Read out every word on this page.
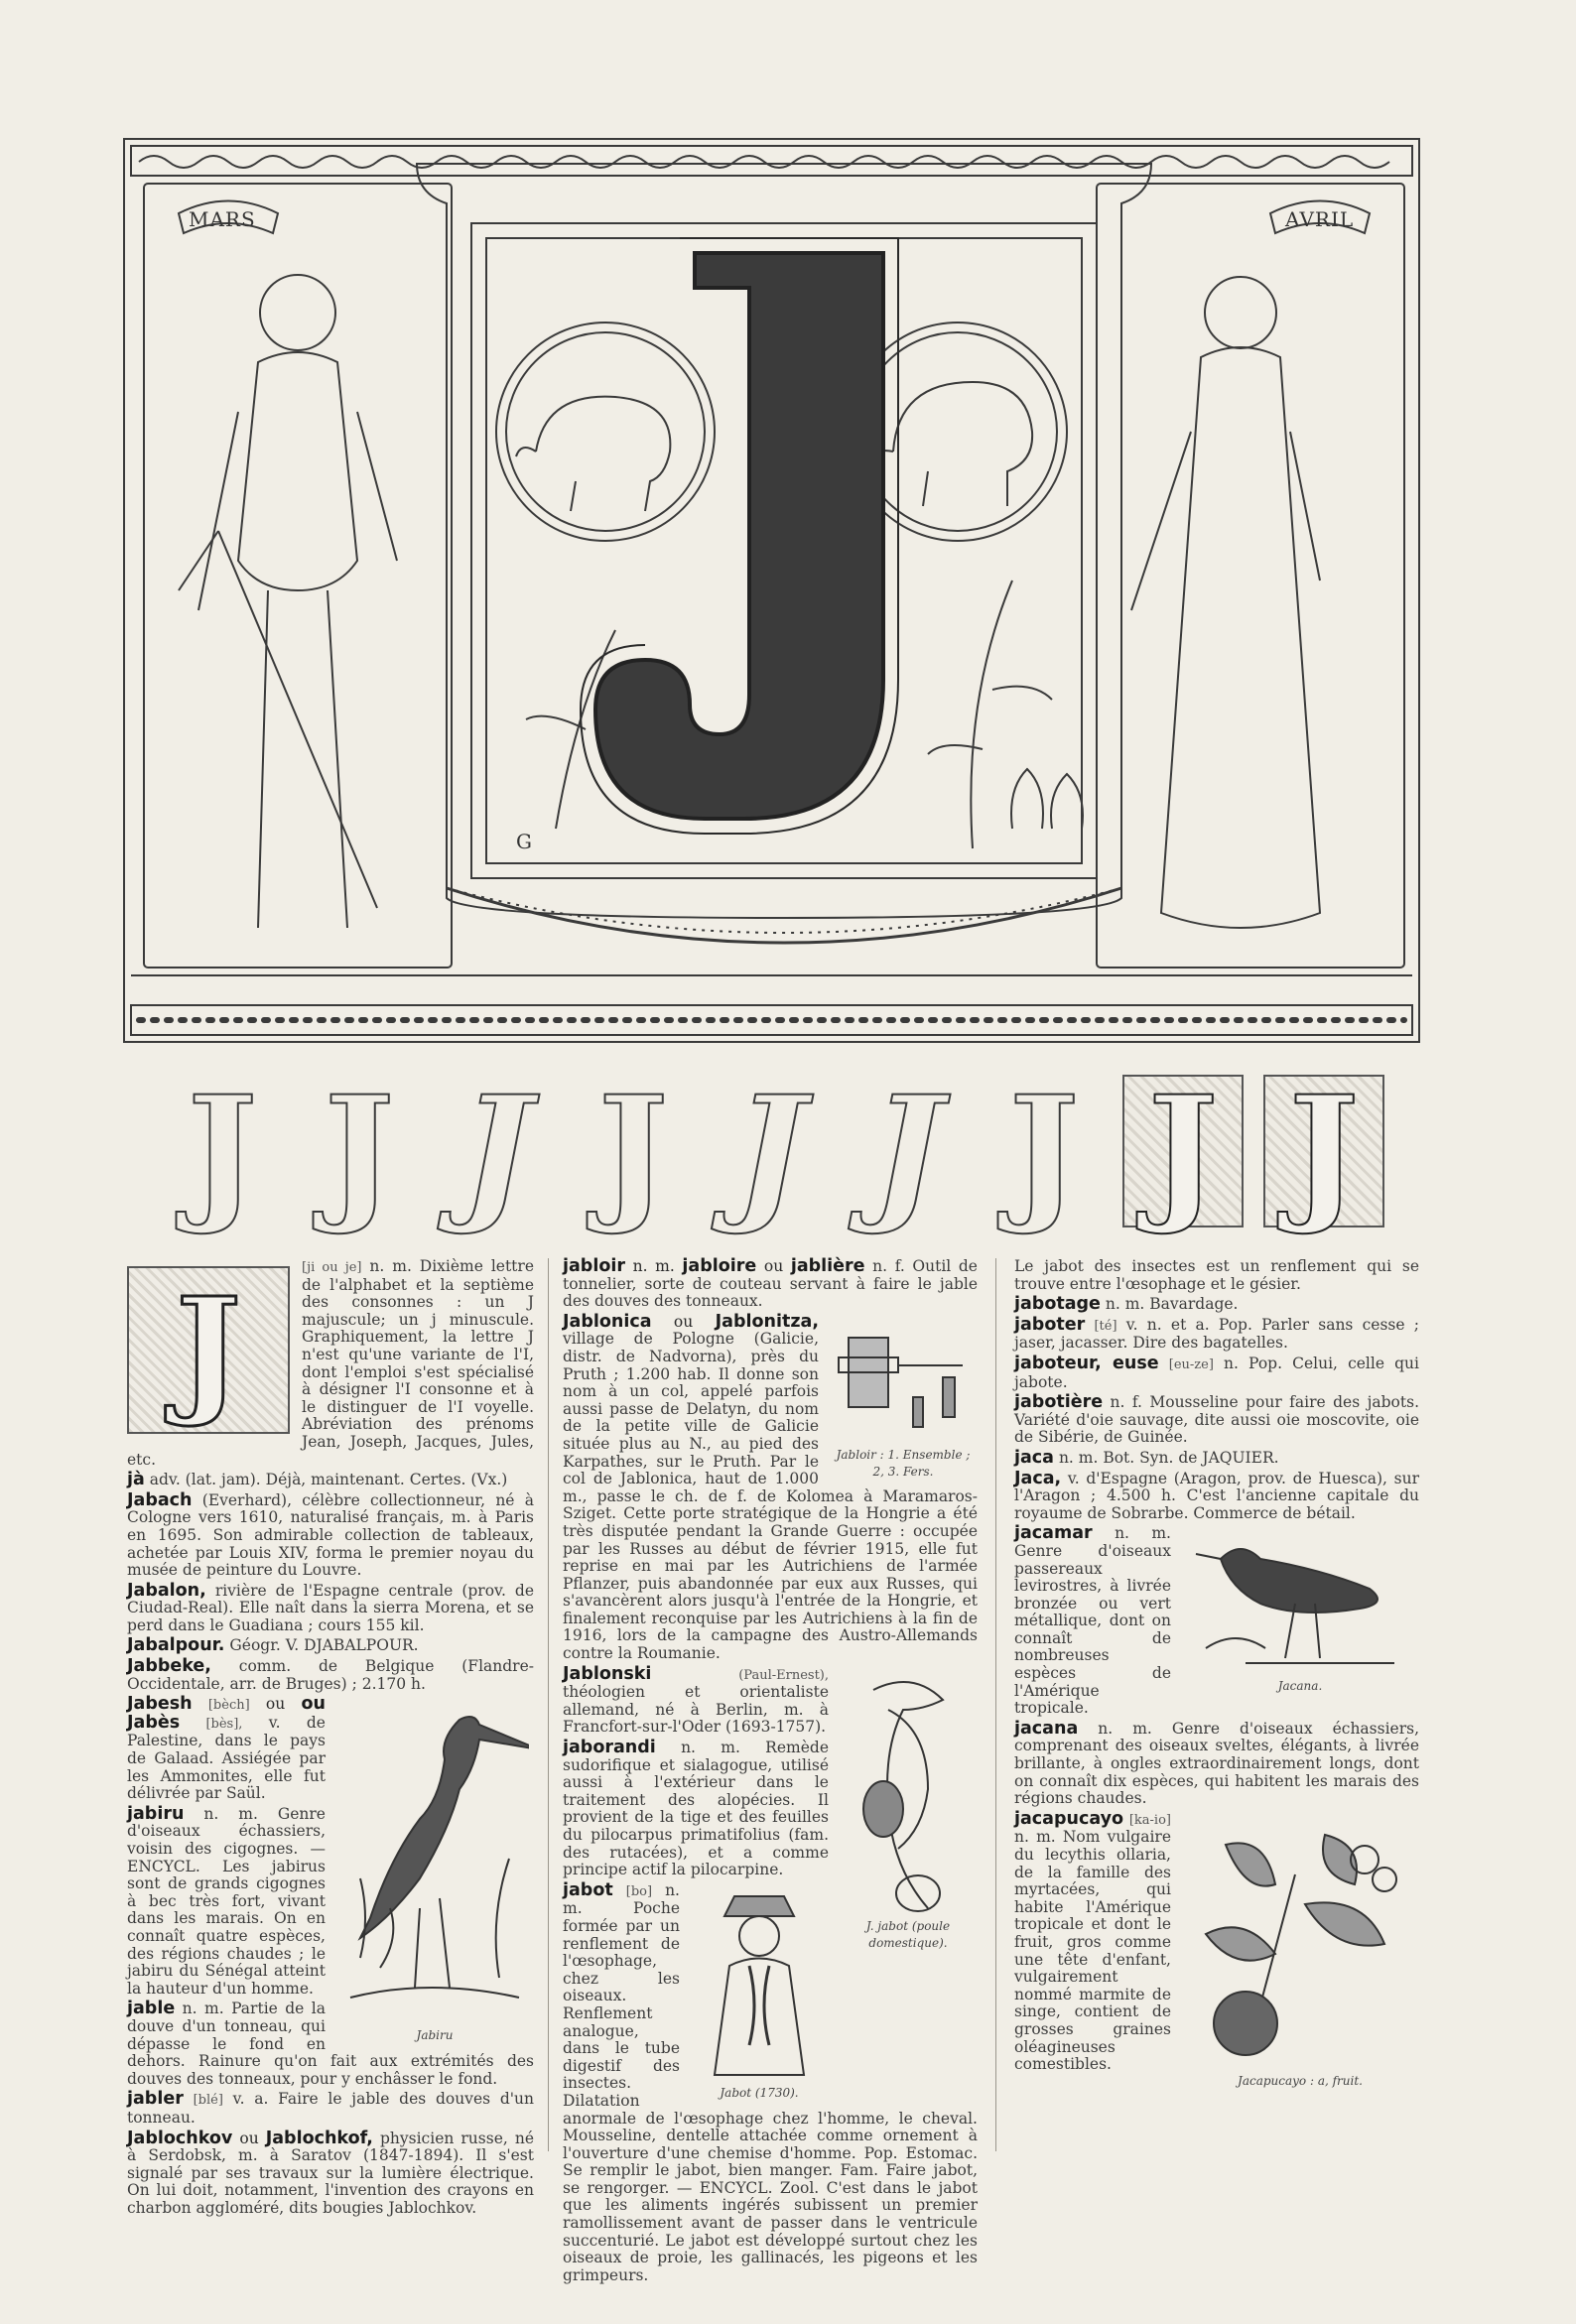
MARS	AVRIL
G
J J J J J J J J J
J

[ji ou je] n. m. Dixième lettre de l'alphabet et la septième des consonnes : un J majuscule; un j minuscule. Graphiquement, la lettre J n'est qu'une variante de l'I, dont l'emploi s'est spécialisé à désigner l'I consonne et à le distinguer de l'I voyelle. Abréviation des prénoms Jean, Joseph, Jacques, Jules, etc.

jà adv. (lat. jam). Déjà, maintenant. Certes. (Vx.)

Jabach (Everhard), célèbre collectionneur, né à Cologne vers 1610, naturalisé français, m. à Paris en 1695. Son admirable collection de tableaux, achetée par Louis XIV, forma le premier noyau du musée de peinture du Louvre.

Jabalon, rivière de l'Espagne centrale (prov. de Ciudad-Real). Elle naît dans la sierra Morena, et se perd dans le Guadiana ; cours 155 kil.

Jabalpour. Géogr. V. DJABALPOUR.

Jabbeke, comm. de Belgique (Flandre-Occidentale, arr. de Bruges) ; 2.170 h.

Jabiru

Jabesh [bèch] ou ou Jabès [bès], v. de Palestine, dans le pays de Galaad. Assiégée par les Ammonites, elle fut délivrée par Saül.

jabiru n. m. Genre d'oiseaux échassiers, voisin des cigognes. — ENCYCL. Les jabirus sont de grands cigognes à bec très fort, vivant dans les marais. On en connaît quatre espèces, des régions chaudes ; le jabiru du Sénégal atteint la hauteur d'un homme.

jable n. m. Partie de la douve d'un tonneau, qui dépasse le fond en dehors. Rainure qu'on fait aux extrémités des douves des tonneaux, pour y enchâsser le fond.

jabler [blé] v. a. Faire le jable des douves d'un tonneau.

Jablochkov ou Jablochkof, physicien russe, né à Serdobsk, m. à Saratov (1847-1894). Il s'est signalé par ses travaux sur la lumière électrique. On lui doit, notamment, l'invention des crayons en charbon aggloméré, dits bougies Jablochkov.

jabloir n. m. jabloire ou jablière n. f. Outil de tonnelier, sorte de couteau servant à faire le jable des douves des tonneaux.

Jabloir : 1. Ensemble ; 2, 3. Fers.

Jablonica ou Jablonitza, village de Pologne (Galicie, distr. de Nadvorna), près du Pruth ; 1.200 hab. Il donne son nom à un col, appelé parfois aussi passe de Delatyn, du nom de la petite ville de Galicie située plus au N., au pied des Karpathes, sur le Pruth. Par le col de Jablonica, haut de 1.000 m., passe le ch. de f. de Kolomea à Maramaros-Sziget. Cette porte stratégique de la Hongrie a été très disputée pendant la Grande Guerre : occupée par les Russes au début de février 1915, elle fut reprise en mai par les Autrichiens de l'armée Pflanzer, puis abandonnée par eux aux Russes, qui s'avancèrent alors jusqu'à l'entrée de la Hongrie, et finalement reconquise par les Autrichiens à la fin de 1916, lors de la campagne des Austro-Allemands contre la Roumanie.

J. jabot (poule domestique).

Jablonski	(Paul-Ernest), théologien et orientaliste allemand, né à Berlin, m. à Francfort-sur-l'Oder (1693-1757).

jaborandi n. m. Remède sudorifique et sialagogue, utilisé aussi à l'extérieur dans le traitement des alopécies. Il provient de la tige et des feuilles du pilocarpus primatifolius (fam. des rutacées), et a comme principe actif la pilocarpine.

Jabot (1730).

jabot [bo] n. m. Poche formée par un renflement de l'œsophage, chez les oiseaux. Renflement analogue, dans le tube digestif des insectes. Dilatation anormale de l'œsophage chez l'homme, le cheval. Mousseline, dentelle attachée comme ornement à l'ouverture d'une chemise d'homme. Pop. Estomac. Se remplir le jabot, bien manger. Fam. Faire jabot, se rengorger. — ENCYCL. Zool. C'est dans le jabot que les aliments ingérés subissent un premier ramollissement avant de passer dans le ventricule succenturié. Le jabot est développé surtout chez les oiseaux de proie, les gallinacés, les pigeons et les grimpeurs.

Le jabot des insectes est un renflement qui se trouve entre l'œsophage et le gésier.

jabotage n. m. Bavardage.

jaboter [té] v. n. et a. Pop. Parler sans cesse ; jaser, jacasser. Dire des bagatelles.

jaboteur, euse [eu-ze] n. Pop. Celui, celle qui jabote.

jabotière n. f. Mousseline pour faire des jabots. Variété d'oie sauvage, dite aussi oie moscovite, oie de Sibérie, de Guinée.

jaca n. m. Bot. Syn. de JAQUIER.

Jaca, v. d'Espagne (Aragon, prov. de Huesca), sur l'Aragon ; 4.500 h. C'est l'ancienne capitale du royaume de Sobrarbe. Commerce de bétail.

Jacana.

jacamar n. m. Genre d'oiseaux passereaux levirostres, à livrée bronzée ou vert métallique, dont on connaît de nombreuses espèces de l'Amérique tropicale.

jacana n. m. Genre d'oiseaux échassiers, comprenant des oiseaux sveltes, élégants, à livrée brillante, à ongles extraordinairement longs, dont on connaît dix espèces, qui habitent les marais des régions chaudes.

Jacapucayo : a, fruit.

jacapucayo [ka-io] n. m. Nom vulgaire du lecythis ollaria, de la famille des myrtacées, qui habite l'Amérique tropicale et dont le fruit, gros comme une tête d'enfant, vulgairement nommé marmite de singe, contient de grosses graines oléagineuses comestibles.
